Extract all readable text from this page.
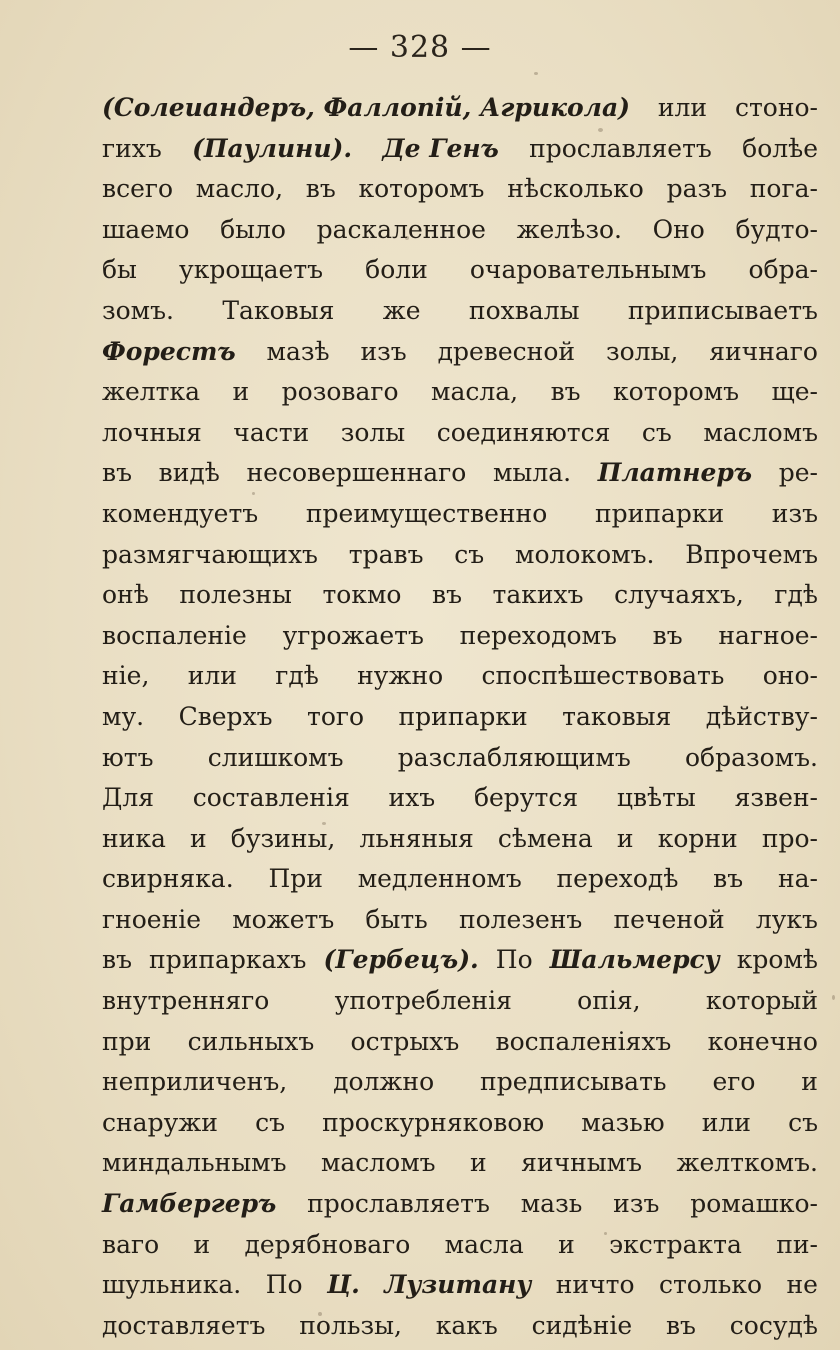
— 328 —
(Солеиандеръ, Фаллопій, Агрикола) или стоно-
гихъ (Паулини). Де Генъ прославляетъ болѣе
всего масло, въ которомъ нѣсколько разъ пога-
шаемо было раскаленное желѣзо. Оно будто-
бы укрощаетъ боли очаровательнымъ обра-
зомъ. Таковыя же похвалы приписываетъ
Форестъ мазѣ изъ древесной золы, яичнаго
желтка и розоваго масла, въ которомъ ще-
лочныя части золы соединяются съ масломъ
въ видѣ несовершеннаго мыла. Платнеръ ре-
комендуетъ преимущественно припарки изъ
размягчающихъ травъ съ молокомъ. Впрочемъ
онѣ полезны токмо въ такихъ случаяхъ, гдѣ
воспаленіе угрожаетъ переходомъ въ нагное-
ніе, или гдѣ нужно споспѣшествовать оно-
му. Сверхъ того припарки таковыя дѣйству-
ютъ слишкомъ разслабляющимъ образомъ.
Для составленія ихъ берутся цвѣты язвен-
ника и бузины, льняныя сѣмена и корни про-
свирняка. При медленномъ переходѣ въ на-
гноеніе можетъ быть полезенъ печеной лукъ
въ припаркахъ (Гербецъ). По Шальмерсу кромѣ
внутренняго	употребленія	опія,	который
при сильныхъ острыхъ воспаленіяхъ конечно
неприличенъ, должно предписывать его и
снаружи съ проскурняковою мазью или съ
миндальнымъ масломъ и яичнымъ желткомъ.
Гамбергеръ прославляетъ мазь изъ ромашко-
ваго и дерябноваго масла и экстракта пи-
шульника. По Ц. Лузитану ничто столько не
доставляетъ пользы, какъ сидѣніе въ сосудѣ
